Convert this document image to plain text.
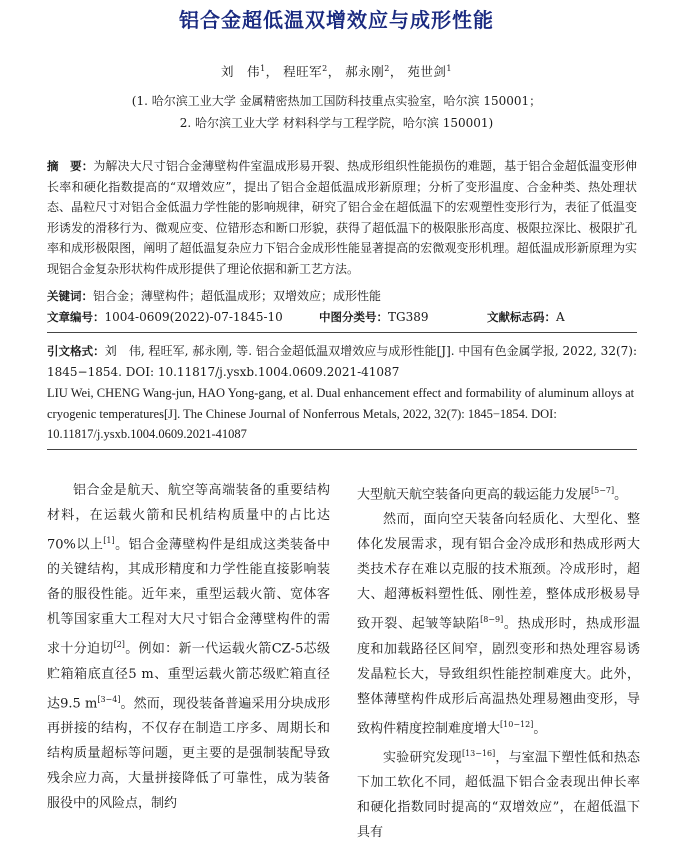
铝合金超低温双增效应与成形性能
刘　伟$^1$， 程旺军$^2$， 郝永刚$^2$， 苑世剑$^1$
(1. 哈尔滨工业大学 金属精密热加工国防科技重点实验室，哈尔滨 150001；
2. 哈尔滨工业大学 材料科学与工程学院，哈尔滨 150001)
摘　要：为解决大尺寸铝合金薄壁构件室温成形易开裂、热成形组织性能损伤的难题，基于铝合金超低温变形伸长率和硬化指数提高的“双增效应”，提出了铝合金超低温成形新原理；分析了变形温度、合金种类、热处理状态、晶粒尺寸对铝合金低温力学性能的影响规律，研究了铝合金在超低温下的宏观塑性变形行为，表征了低温变形诱发的滑移行为、微观应变、位错形态和断口形貌，获得了超低温下的极限胀形高度、极限拉深比、极限扩孔率和成形极限图，阐明了超低温复杂应力下铝合金成形性能显著提高的宏微观变形机理。超低温成形新原理为实现铝合金复杂形状构件成形提供了理论依据和新工艺方法。
关键词：铝合金；薄壁构件；超低温成形；双增效应；成形性能
文章编号：1004-0609(2022)-07-1845-10	中图分类号：TG389	文献标志码：A
引文格式：刘　伟, 程旺军, 郝永刚, 等. 铝合金超低温双增效应与成形性能[J]. 中国有色金属学报, 2022, 32(7): 1845−1854. DOI: 10.11817/j.ysxb.1004.0609.2021-41087
LIU Wei, CHENG Wang-jun, HAO Yong-gang, et al. Dual enhancement effect and formability of aluminum alloys at cryogenic temperatures[J]. The Chinese Journal of Nonferrous Metals, 2022, 32(7): 1845−1854. DOI: 10.11817/j.ysxb.1004.0609.2021-41087

铝合金是航天、航空等高端装备的重要结构材料，在运载火箭和民机结构质量中的占比达70%以上[1]。铝合金薄壁构件是组成这类装备中的关键结构，其成形精度和力学性能直接影响装备的服役性能。近年来，重型运载火箭、宽体客机等国家重大工程对大尺寸铝合金薄壁构件的需求十分迫切[2]。例如：新一代运载火箭CZ-5芯级贮箱箱底直径5 m、重型运载火箭芯级贮箱直径达9.5 m[3−4]。然而，现役装备普遍采用分块成形再拼接的结构，不仅存在制造工序多、周期长和结构质量超标等问题，更主要的是强制装配导致残余应力高，大量拼接降低了可靠性，成为装备服役中的风险点，制约

大型航天航空装备向更高的载运能力发展[5−7]。

然而，面向空天装备向轻质化、大型化、整体化发展需求，现有铝合金冷成形和热成形两大类技术存在难以克服的技术瓶颈。冷成形时，超大、超薄板料塑性低、刚性差，整体成形极易导致开裂、起皱等缺陷[8−9]。热成形时，热成形温度和加载路径区间窄，剧烈变形和热处理容易诱发晶粒长大，导致组织性能控制难度大。此外，整体薄壁构件成形后高温热处理易翘曲变形，导致构件精度控制难度增大[10−12]。

实验研究发现[13−16]，与室温下塑性低和热态下加工软化不同，超低温下铝合金表现出伸长率和硬化指数同时提高的“双增效应”，在超低温下具有
